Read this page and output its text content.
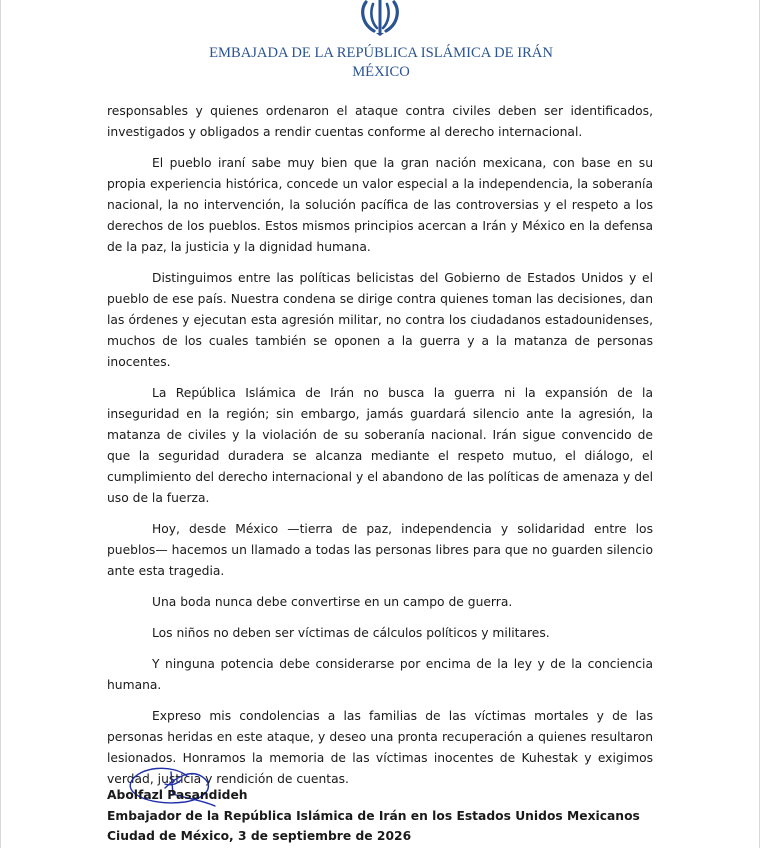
EMBAJADA DE LA REPÚBLICA ISLÁMICA DE IRÁN
MÉXICO

responsables y quienes ordenaron el ataque contra civiles deben ser identificados, investigados y obligados a rendir cuentas conforme al derecho internacional.

El pueblo iraní sabe muy bien que la gran nación mexicana, con base en su propia experiencia histórica, concede un valor especial a la independencia, la soberanía nacional, la no intervención, la solución pacífica de las controversias y el respeto a los derechos de los pueblos. Estos mismos principios acercan a Irán y México en la defensa de la paz, la justicia y la dignidad humana.

Distinguimos entre las políticas belicistas del Gobierno de Estados Unidos y el pueblo de ese país. Nuestra condena se dirige contra quienes toman las decisiones, dan las órdenes y ejecutan esta agresión militar, no contra los ciudadanos estadounidenses, muchos de los cuales también se oponen a la guerra y a la matanza de personas inocentes.

La República Islámica de Irán no busca la guerra ni la expansión de la inseguridad en la región; sin embargo, jamás guardará silencio ante la agresión, la matanza de civiles y la violación de su soberanía nacional. Irán sigue convencido de que la seguridad duradera se alcanza mediante el respeto mutuo, el diálogo, el cumplimiento del derecho internacional y el abandono de las políticas de amenaza y del uso de la fuerza.

Hoy, desde México —tierra de paz, independencia y solidaridad entre los pueblos— hacemos un llamado a todas las personas libres para que no guarden silencio ante esta tragedia.

Una boda nunca debe convertirse en un campo de guerra.

Los niños no deben ser víctimas de cálculos políticos y militares.

Y ninguna potencia debe considerarse por encima de la ley y de la conciencia humana.

Expreso mis condolencias a las familias de las víctimas mortales y de las personas heridas en este ataque, y deseo una pronta recuperación a quienes resultaron lesionados. Honramos la memoria de las víctimas inocentes de Kuhestak y exigimos verdad, justicia y rendición de cuentas.

Abolfazl Pasandideh
Embajador de la República Islámica de Irán en los Estados Unidos Mexicanos
Ciudad de México, 3 de septiembre de 2026
